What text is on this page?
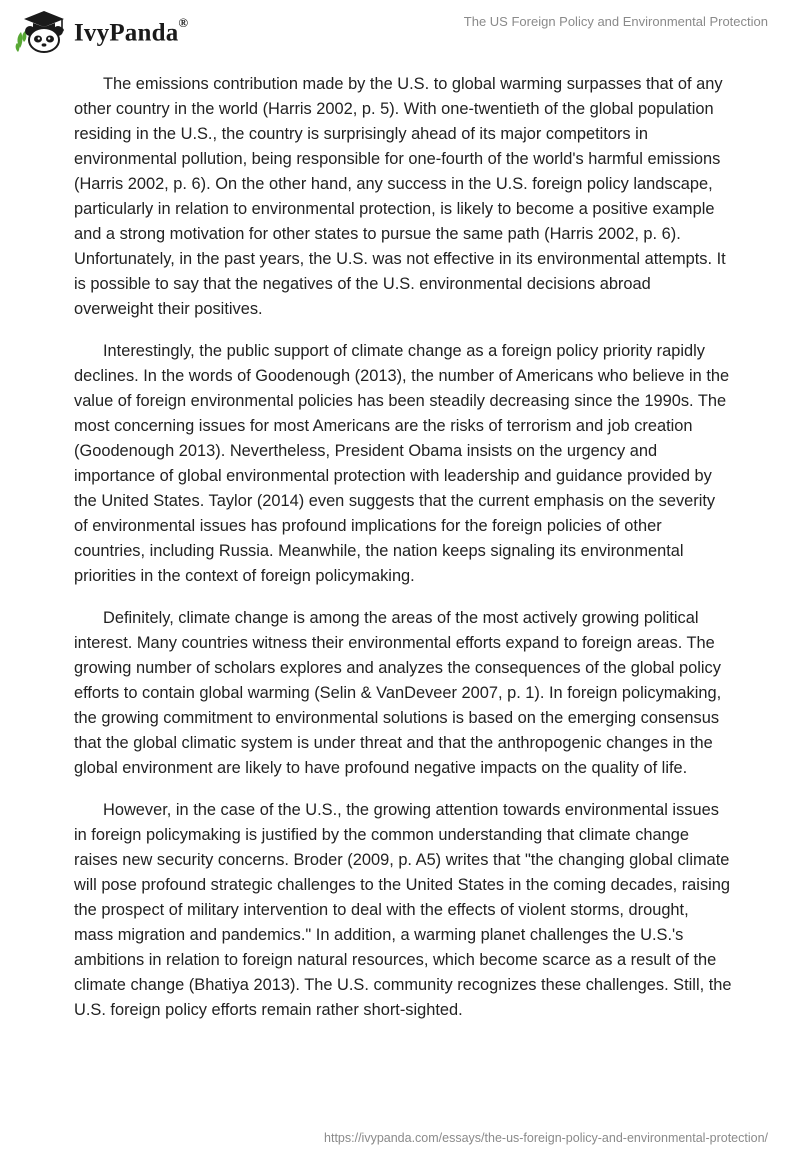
IvyPanda®	The US Foreign Policy and Environmental Protection

The emissions contribution made by the U.S. to global warming surpasses that of any other country in the world (Harris 2002, p. 5). With one-twentieth of the global population residing in the U.S., the country is surprisingly ahead of its major competitors in environmental pollution, being responsible for one-fourth of the world's harmful emissions (Harris 2002, p. 6). On the other hand, any success in the U.S. foreign policy landscape, particularly in relation to environmental protection, is likely to become a positive example and a strong motivation for other states to pursue the same path (Harris 2002, p. 6). Unfortunately, in the past years, the U.S. was not effective in its environmental attempts. It is possible to say that the negatives of the U.S. environmental decisions abroad overweight their positives.

Interestingly, the public support of climate change as a foreign policy priority rapidly declines. In the words of Goodenough (2013), the number of Americans who believe in the value of foreign environmental policies has been steadily decreasing since the 1990s. The most concerning issues for most Americans are the risks of terrorism and job creation (Goodenough 2013). Nevertheless, President Obama insists on the urgency and importance of global environmental protection with leadership and guidance provided by the United States. Taylor (2014) even suggests that the current emphasis on the severity of environmental issues has profound implications for the foreign policies of other countries, including Russia. Meanwhile, the nation keeps signaling its environmental priorities in the context of foreign policymaking.

Definitely, climate change is among the areas of the most actively growing political interest. Many countries witness their environmental efforts expand to foreign areas. The growing number of scholars explores and analyzes the consequences of the global policy efforts to contain global warming (Selin & VanDeveer 2007, p. 1). In foreign policymaking, the growing commitment to environmental solutions is based on the emerging consensus that the global climatic system is under threat and that the anthropogenic changes in the global environment are likely to have profound negative impacts on the quality of life.

However, in the case of the U.S., the growing attention towards environmental issues in foreign policymaking is justified by the common understanding that climate change raises new security concerns. Broder (2009, p. A5) writes that "the changing global climate will pose profound strategic challenges to the United States in the coming decades, raising the prospect of military intervention to deal with the effects of violent storms, drought, mass migration and pandemics." In addition, a warming planet challenges the U.S.'s ambitions in relation to foreign natural resources, which become scarce as a result of the climate change (Bhatiya 2013). The U.S. community recognizes these challenges. Still, the U.S. foreign policy efforts remain rather short-sighted.

https://ivypanda.com/essays/the-us-foreign-policy-and-environmental-protection/
